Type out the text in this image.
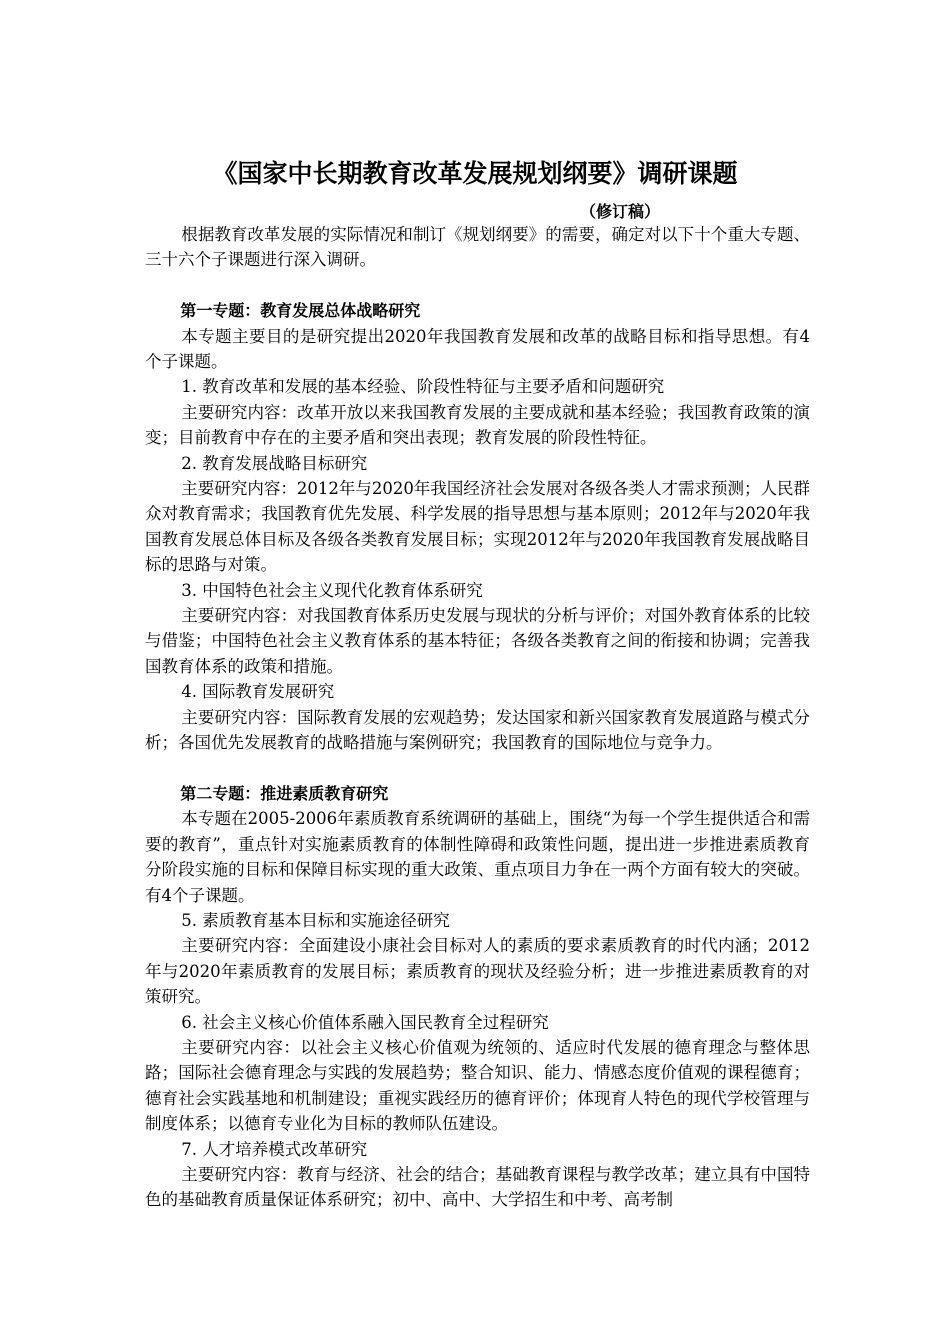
《国家中长期教育改革发展规划纲要》调研课题
（修订稿）

根据教育改革发展的实际情况和制订《规划纲要》的需要，确定对以下十个重大专题、三十六个子课题进行深入调研。

第一专题：教育发展总体战略研究

本专题主要目的是研究提出2020年我国教育发展和改革的战略目标和指导思想。有4个子课题。

1. 教育改革和发展的基本经验、阶段性特征与主要矛盾和问题研究

主要研究内容：改革开放以来我国教育发展的主要成就和基本经验；我国教育政策的演变；目前教育中存在的主要矛盾和突出表现；教育发展的阶段性特征。

2. 教育发展战略目标研究

主要研究内容：2012年与2020年我国经济社会发展对各级各类人才需求预测；人民群众对教育需求；我国教育优先发展、科学发展的指导思想与基本原则；2012年与2020年我国教育发展总体目标及各级各类教育发展目标；实现2012年与2020年我国教育发展战略目标的思路与对策。

3. 中国特色社会主义现代化教育体系研究

主要研究内容：对我国教育体系历史发展与现状的分析与评价；对国外教育体系的比较与借鉴；中国特色社会主义教育体系的基本特征；各级各类教育之间的衔接和协调；完善我国教育体系的政策和措施。

4. 国际教育发展研究

主要研究内容：国际教育发展的宏观趋势；发达国家和新兴国家教育发展道路与模式分析；各国优先发展教育的战略措施与案例研究；我国教育的国际地位与竞争力。

第二专题：推进素质教育研究

本专题在2005-2006年素质教育系统调研的基础上，围绕“为每一个学生提供适合和需要的教育”，重点针对实施素质教育的体制性障碍和政策性问题，提出进一步推进素质教育分阶段实施的目标和保障目标实现的重大政策、重点项目力争在一两个方面有较大的突破。有4个子课题。

5. 素质教育基本目标和实施途径研究

主要研究内容：全面建设小康社会目标对人的素质的要求素质教育的时代内涵；2012年与2020年素质教育的发展目标；素质教育的现状及经验分析；进一步推进素质教育的对策研究。

6. 社会主义核心价值体系融入国民教育全过程研究

主要研究内容：以社会主义核心价值观为统领的、适应时代发展的德育理念与整体思路；国际社会德育理念与实践的发展趋势；整合知识、能力、情感态度价值观的课程德育；德育社会实践基地和机制建设；重视实践经历的德育评价；体现育人特色的现代学校管理与制度体系；以德育专业化为目标的教师队伍建设。

7. 人才培养模式改革研究

主要研究内容：教育与经济、社会的结合；基础教育课程与教学改革；建立具有中国特色的基础教育质量保证体系研究；初中、高中、大学招生和中考、高考制
